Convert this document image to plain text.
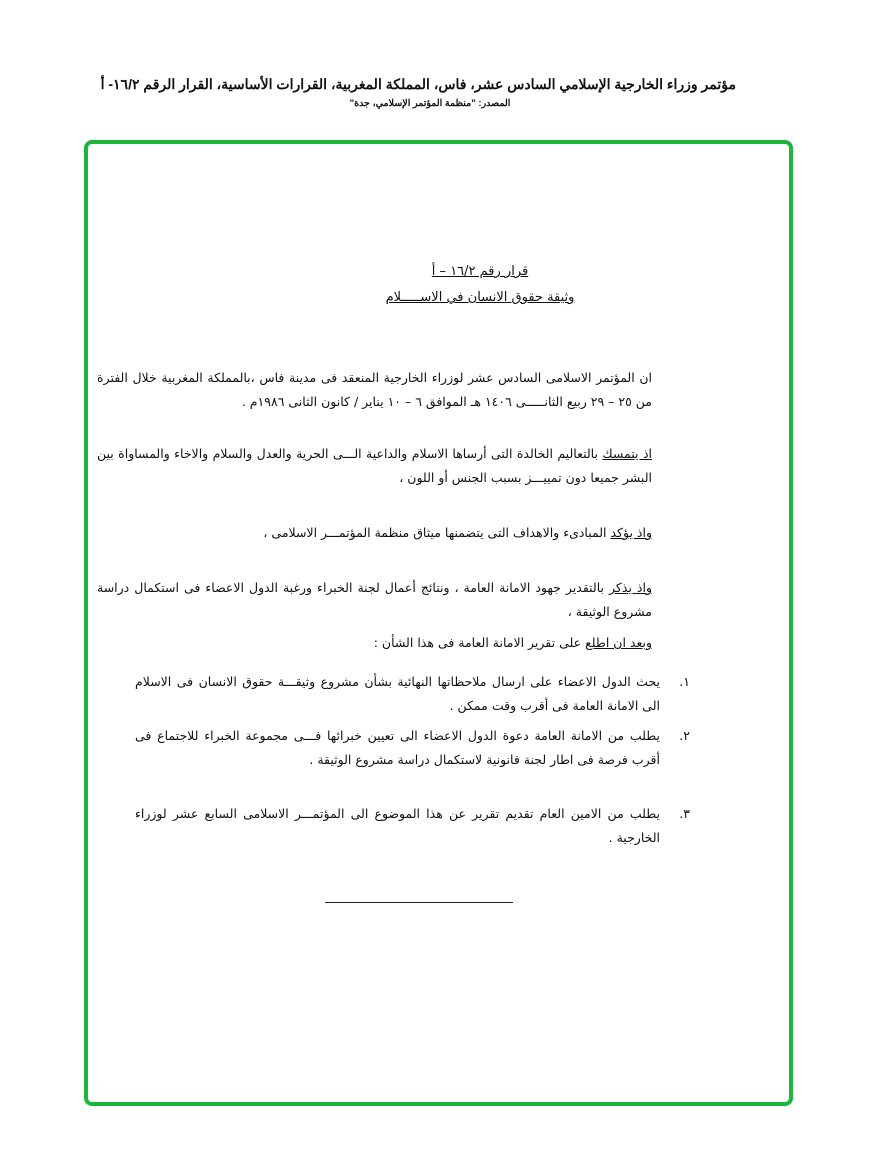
مؤتمر وزراء الخارجية الإسلامي السادس عشر، فاس، المملكة المغربية، القرارات الأساسية، القرار الرقم ١٦/٢- أ
المصدر: "منظمة المؤتمر الإسلامي، جدة"
قرار رقم ١٦/٢ – أ
وثيقة حقوق الانسان في الاســـــلام
ان المؤتمر الاسلامى السادس عشر لوزراء الخارجية المنعقد فى مدينة فاس ،بالمملكة المغربية خلال الفترة من ٢٥ – ٢٩ ربيع الثانـــــى ١٤٠٦ هـ الموافق ٦ – ١٠ يناير / كانون الثانى ١٩٨٦م .
اذ يتمسك بالتعاليم الخالدة التى أرساها الاسلام والداعية الـــى الحرية والعدل والسلام والاخاء والمساواة بين البشر جميعا دون تمييـــز بسبب الجنس أو اللون ،
واذ يؤكد المبادىء والاهداف التى يتضمنها ميثاق منظمة المؤتمـــر الاسلامى ،
واذ يذكر بالتقدير جهود الامانة العامة ، ونتائج أعمال لجنة الخبراء ورغبة الدول الاعضاء فى استكمال دراسة مشروع الوثيقة ،
وبعد ان اطلع على تقرير الامانة العامة فى هذا الشأن :
١.
يحث الدول الاعضاء على ارسال ملاحظاتها النهائية بشأن مشروع وثيقـــة حقوق الانسان فى الاسلام الى الامانة العامة فى أقرب وقت ممكن .
٢.
يطلب من الامانة العامة دعوة الدول الاعضاء الى تعيين خبرائها فـــى مجموعة الخبراء للاجتماع فى أقرب فرصة فى اطار لجنة قانونية لاستكمال دراسة مشروع الوثيقة .
٣.
يطلب من الامين العام تقديم تقرير عن هذا الموضوع الى المؤتمـــر الاسلامى السابع عشر لوزراء الخارجية .
